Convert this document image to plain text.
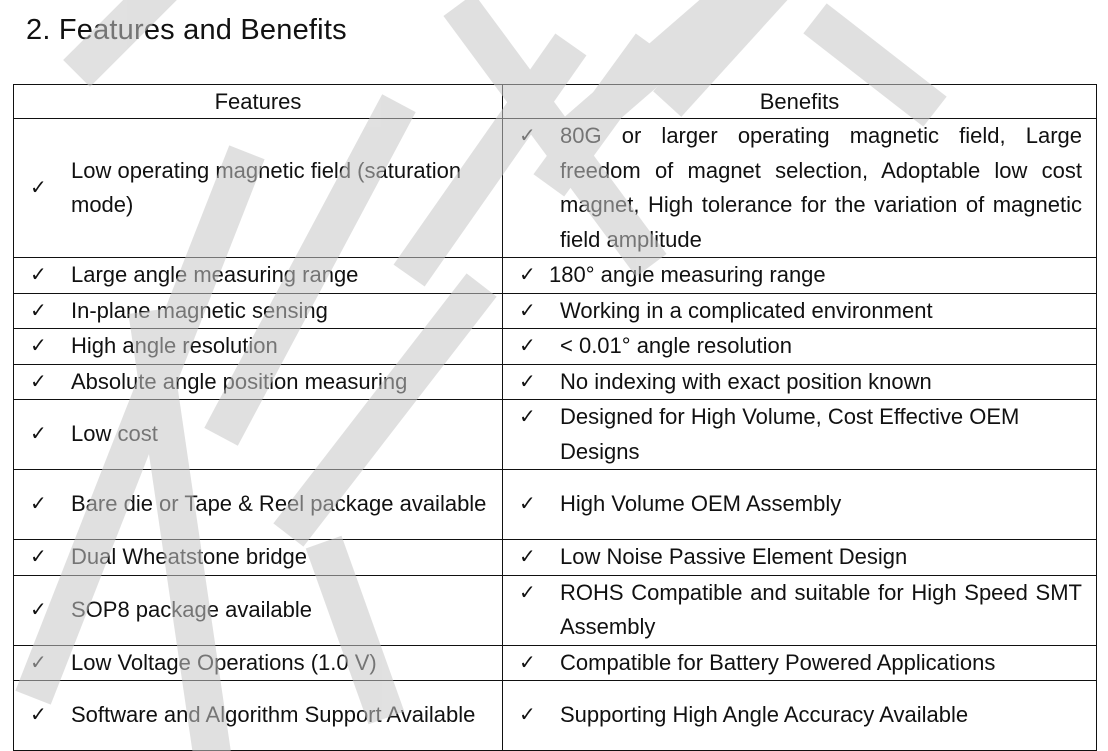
2. Features and Benefits
Features	Benefits

✓
Low operating magnetic field (saturation mode)	✓ 80G or larger operating magnetic field, Large freedom of magnet selection, Adoptable low cost magnet, High tolerance for the variation of magnetic field amplitude

✓ Large angle measuring range	✓ 180° angle measuring range

✓ In-plane magnetic sensing	✓ Working in a complicated environment

✓ High angle resolution	✓ < 0.01° angle resolution

✓ Absolute angle position measuring	✓ No indexing with exact position known

✓ Low cost	✓ Designed for High Volume, Cost Effective OEM Designs

✓ Bare die or Tape & Reel package available	✓ High Volume OEM Assembly

✓ Dual Wheatstone bridge	✓ Low Noise Passive Element Design

✓ SOP8 package available	✓ ROHS Compatible and suitable for High Speed SMT Assembly

✓ Low Voltage Operations (1.0 V)	✓ Compatible for Battery Powered Applications

✓ Software and Algorithm Support Available	✓ Supporting High Angle Accuracy Available
